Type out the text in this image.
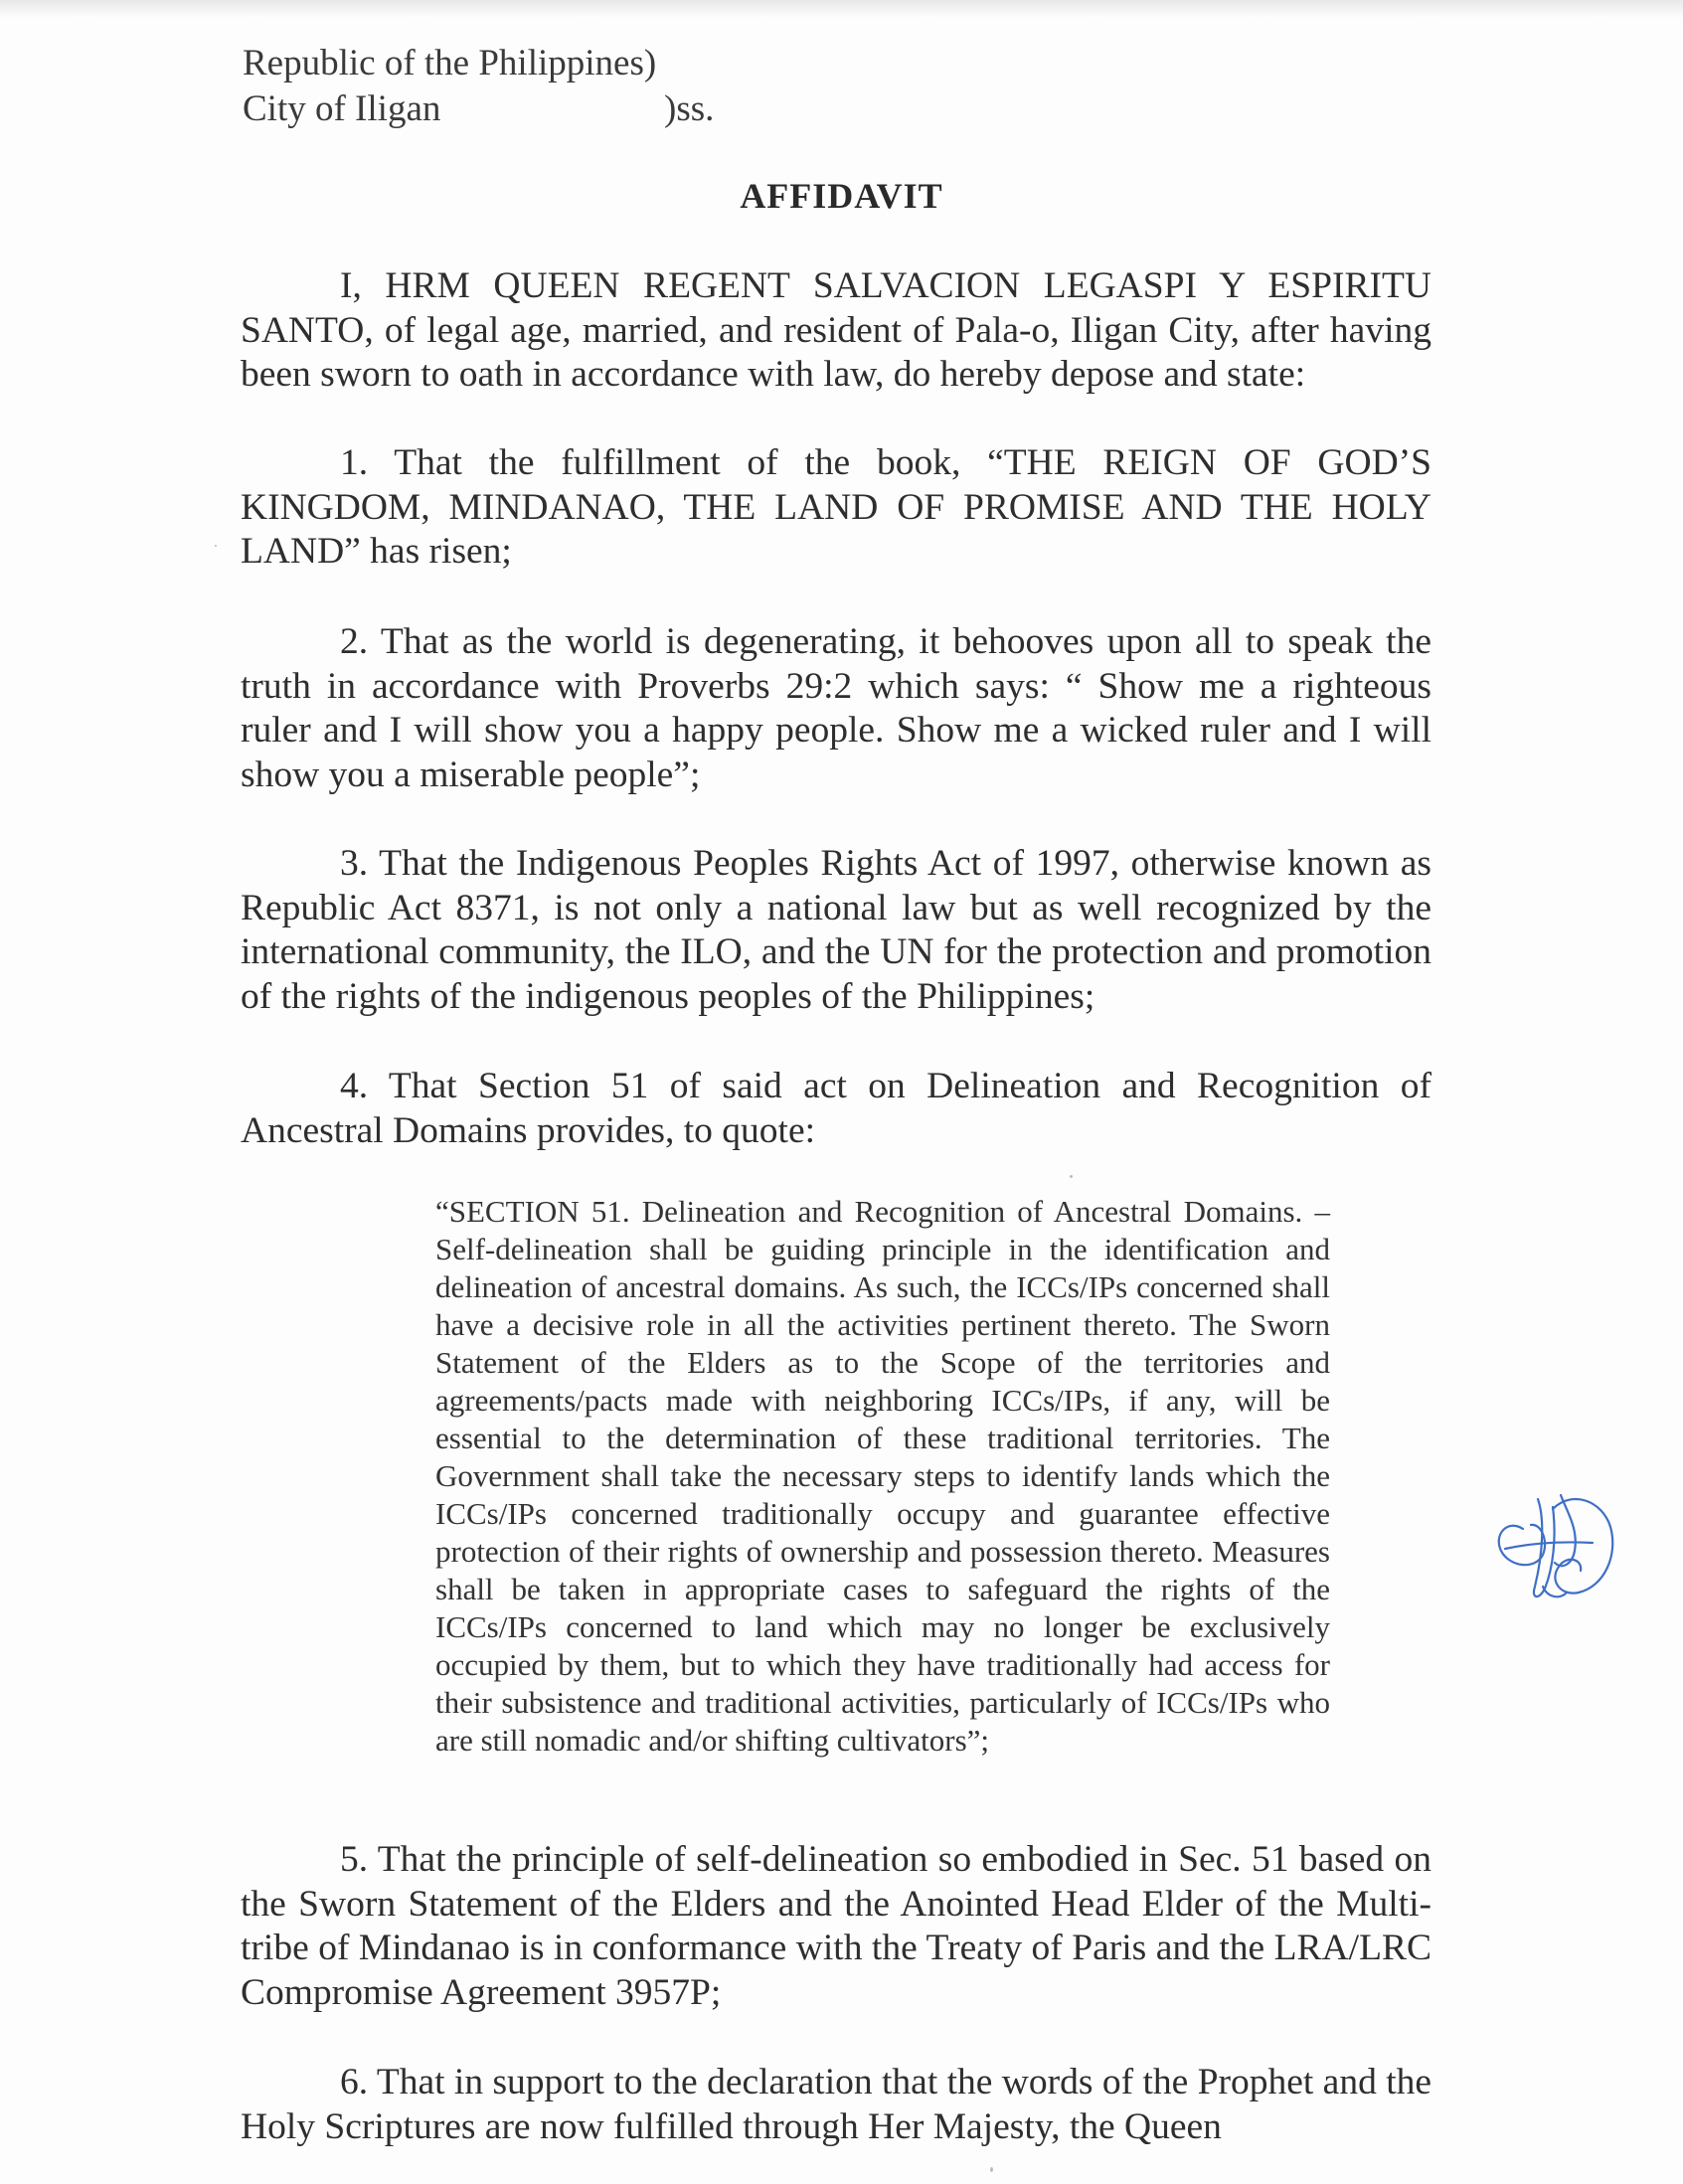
Republic of the Philippines)
City of Iligan	)ss.
AFFIDAVIT

I, HRM QUEEN REGENT SALVACION LEGASPI Y ESPIRITU SANTO, of legal age, married, and resident of Pala-o, Iligan City, after having been sworn to oath in accordance with law, do hereby depose and state:

1. That the fulfillment of the book, “THE REIGN OF GOD’S KINGDOM, MINDANAO, THE LAND OF PROMISE AND THE HOLY LAND” has risen;

2. That as the world is degenerating, it behooves upon all to speak the truth in accordance with Proverbs 29:2 which says: “ Show me a righteous ruler and I will show you a happy people. Show me a wicked ruler and I will show you a miserable people”;

3. That the Indigenous Peoples Rights Act of 1997, otherwise known as Republic Act 8371, is not only a national law but as well recognized by the international community, the ILO, and the UN for the protection and promotion of the rights of the indigenous peoples of the Philippines;

4. That Section 51 of said act on Delineation and Recognition of Ancestral Domains provides, to quote:

“SECTION 51. Delineation and Recognition of Ancestral Domains. – Self-delineation shall be guiding principle in the identification and delineation of ancestral domains. As such, the ICCs/IPs concerned shall have a decisive role in all the activities pertinent thereto. The Sworn Statement of the Elders as to the Scope of the territories and agreements/pacts made with neighboring ICCs/IPs, if any, will be essential to the determination of these traditional territories. The Government shall take the necessary steps to identify lands which the ICCs/IPs concerned traditionally occupy and guarantee effective protection of their rights of ownership and possession thereto. Measures shall be taken in appropriate cases to safeguard the rights of the ICCs/IPs concerned to land which may no longer be exclusively occupied by them, but to which they have traditionally had access for their subsistence and traditional activities, particularly of ICCs/IPs who are still nomadic and/or shifting cultivators”;

5. That the principle of self-delineation so embodied in Sec. 51 based on the Sworn Statement of the Elders and the Anointed Head Elder of the Multi-tribe of Mindanao is in conformance with the Treaty of Paris and the LRA/LRC Compromise Agreement 3957P;

6. That in support to the declaration that the words of the Prophet and the Holy Scriptures are now fulfilled through Her Majesty, the Queen
